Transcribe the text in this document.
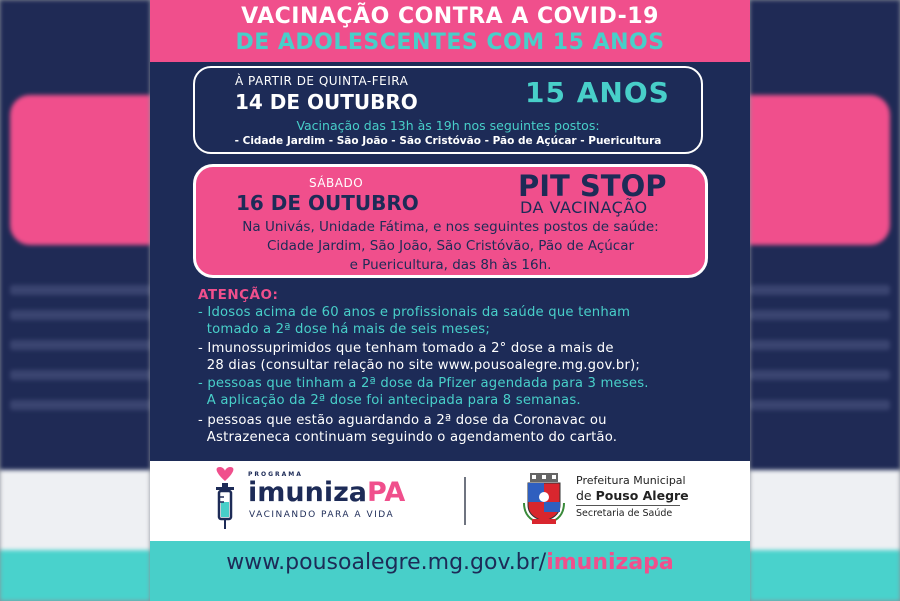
VACINAÇÃO CONTRA A COVID-19
DE ADOLESCENTES COM 15 ANOS
À PARTIR DE QUINTA-FEIRA
14 DE OUTUBRO	15 ANOS
Vacinação das 13h às 19h nos seguintes postos:
- Cidade Jardim - São João - São Cristóvão - Pão de Açúcar - Puericultura
SÁBADO
16 DE OUTUBRO	PIT STOP
DA VACINAÇÃO
Na Univás, Unidade Fátima, e nos seguintes postos de saúde:
Cidade Jardim, São João, São Cristóvão, Pão de Açúcar
e Puericultura, das 8h às 16h.
ATENÇÃO:
- Idosos acima de 60 anos e profissionais da saúde que tenham
tomado a 2ª dose há mais de seis meses;
- Imunossuprimidos que tenham tomado a 2° dose a mais de
28 dias (consultar relação no site www.pousoalegre.mg.gov.br);
- pessoas que tinham a 2ª dose da Pfizer agendada para 3 meses.
A aplicação da 2ª dose foi antecipada para 8 semanas.
- pessoas que estão aguardando a 2ª dose da Coronavac ou
Astrazeneca continuam seguindo o agendamento do cartão.
PROGRAMA
imunizaPA
VACINANDO PARA A VIDA
Prefeitura Municipal
de Pouso Alegre
Secretaria de Saúde
www.pousoalegre.mg.gov.br/imunizapa
